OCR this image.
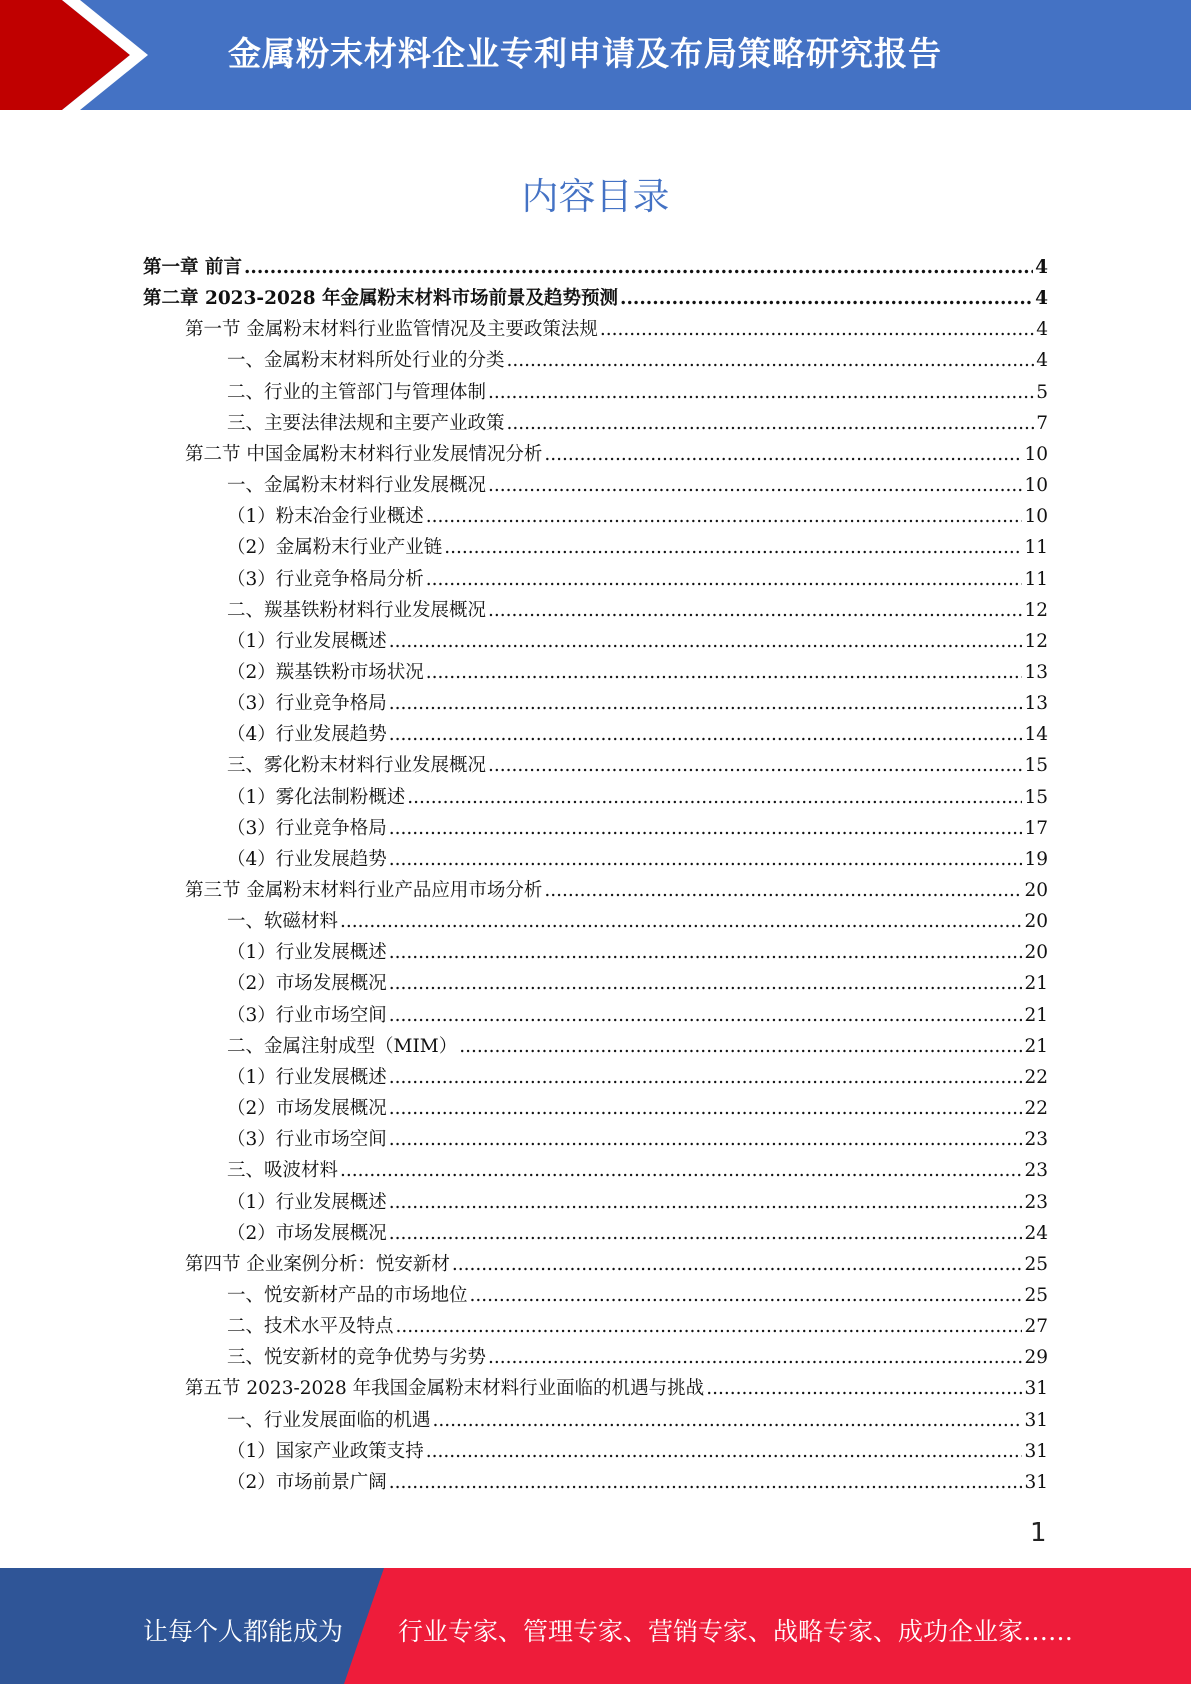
金属粉末材料企业专利申请及布局策略研究报告
内容目录
第一章 前言 .....	4
第二章 2023-2028 年金属粉末材料市场前景及趋势预测 .....	4
第一节 金属粉末材料行业监管情况及主要政策法规 .....	4
一、金属粉末材料所处行业的分类 .....	4
二、行业的主管部门与管理体制 .....	5
三、主要法律法规和主要产业政策 .....	7
第二节 中国金属粉末材料行业发展情况分析 .....	10
一、金属粉末材料行业发展概况 .....	10
（1）粉末冶金行业概述 .....	10
（2）金属粉末行业产业链 .....	11
（3）行业竞争格局分析 .....	11
二、羰基铁粉材料行业发展概况 .....	12
（1）行业发展概述 .....	12
（2）羰基铁粉市场状况 .....	13
（3）行业竞争格局 .....	13
（4）行业发展趋势 .....	14
三、雾化粉末材料行业发展概况 .....	15
（1）雾化法制粉概述 .....	15
（3）行业竞争格局 .....	17
（4）行业发展趋势 .....	19
第三节 金属粉末材料行业产品应用市场分析 .....	20
一、软磁材料 .....	20
（1）行业发展概述 .....	20
（2）市场发展概况 .....	21
（3）行业市场空间 .....	21
二、金属注射成型（MIM） .....	21
（1）行业发展概述 .....	22
（2）市场发展概况 .....	22
（3）行业市场空间 .....	23
三、吸波材料 .....	23
（1）行业发展概述 .....	23
（2）市场发展概况 .....	24
第四节 企业案例分析：悦安新材 .....	25
一、悦安新材产品的市场地位 .....	25
二、技术水平及特点 .....	27
三、悦安新材的竞争优势与劣势 .....	29
第五节 2023-2028 年我国金属粉末材料行业面临的机遇与挑战 .....	31
一、行业发展面临的机遇 .....	31
（1）国家产业政策支持 .....	31
（2）市场前景广阔 .....	31
1
让每个人都能成为 行业专家、管理专家、营销专家、战略专家、成功企业家……
